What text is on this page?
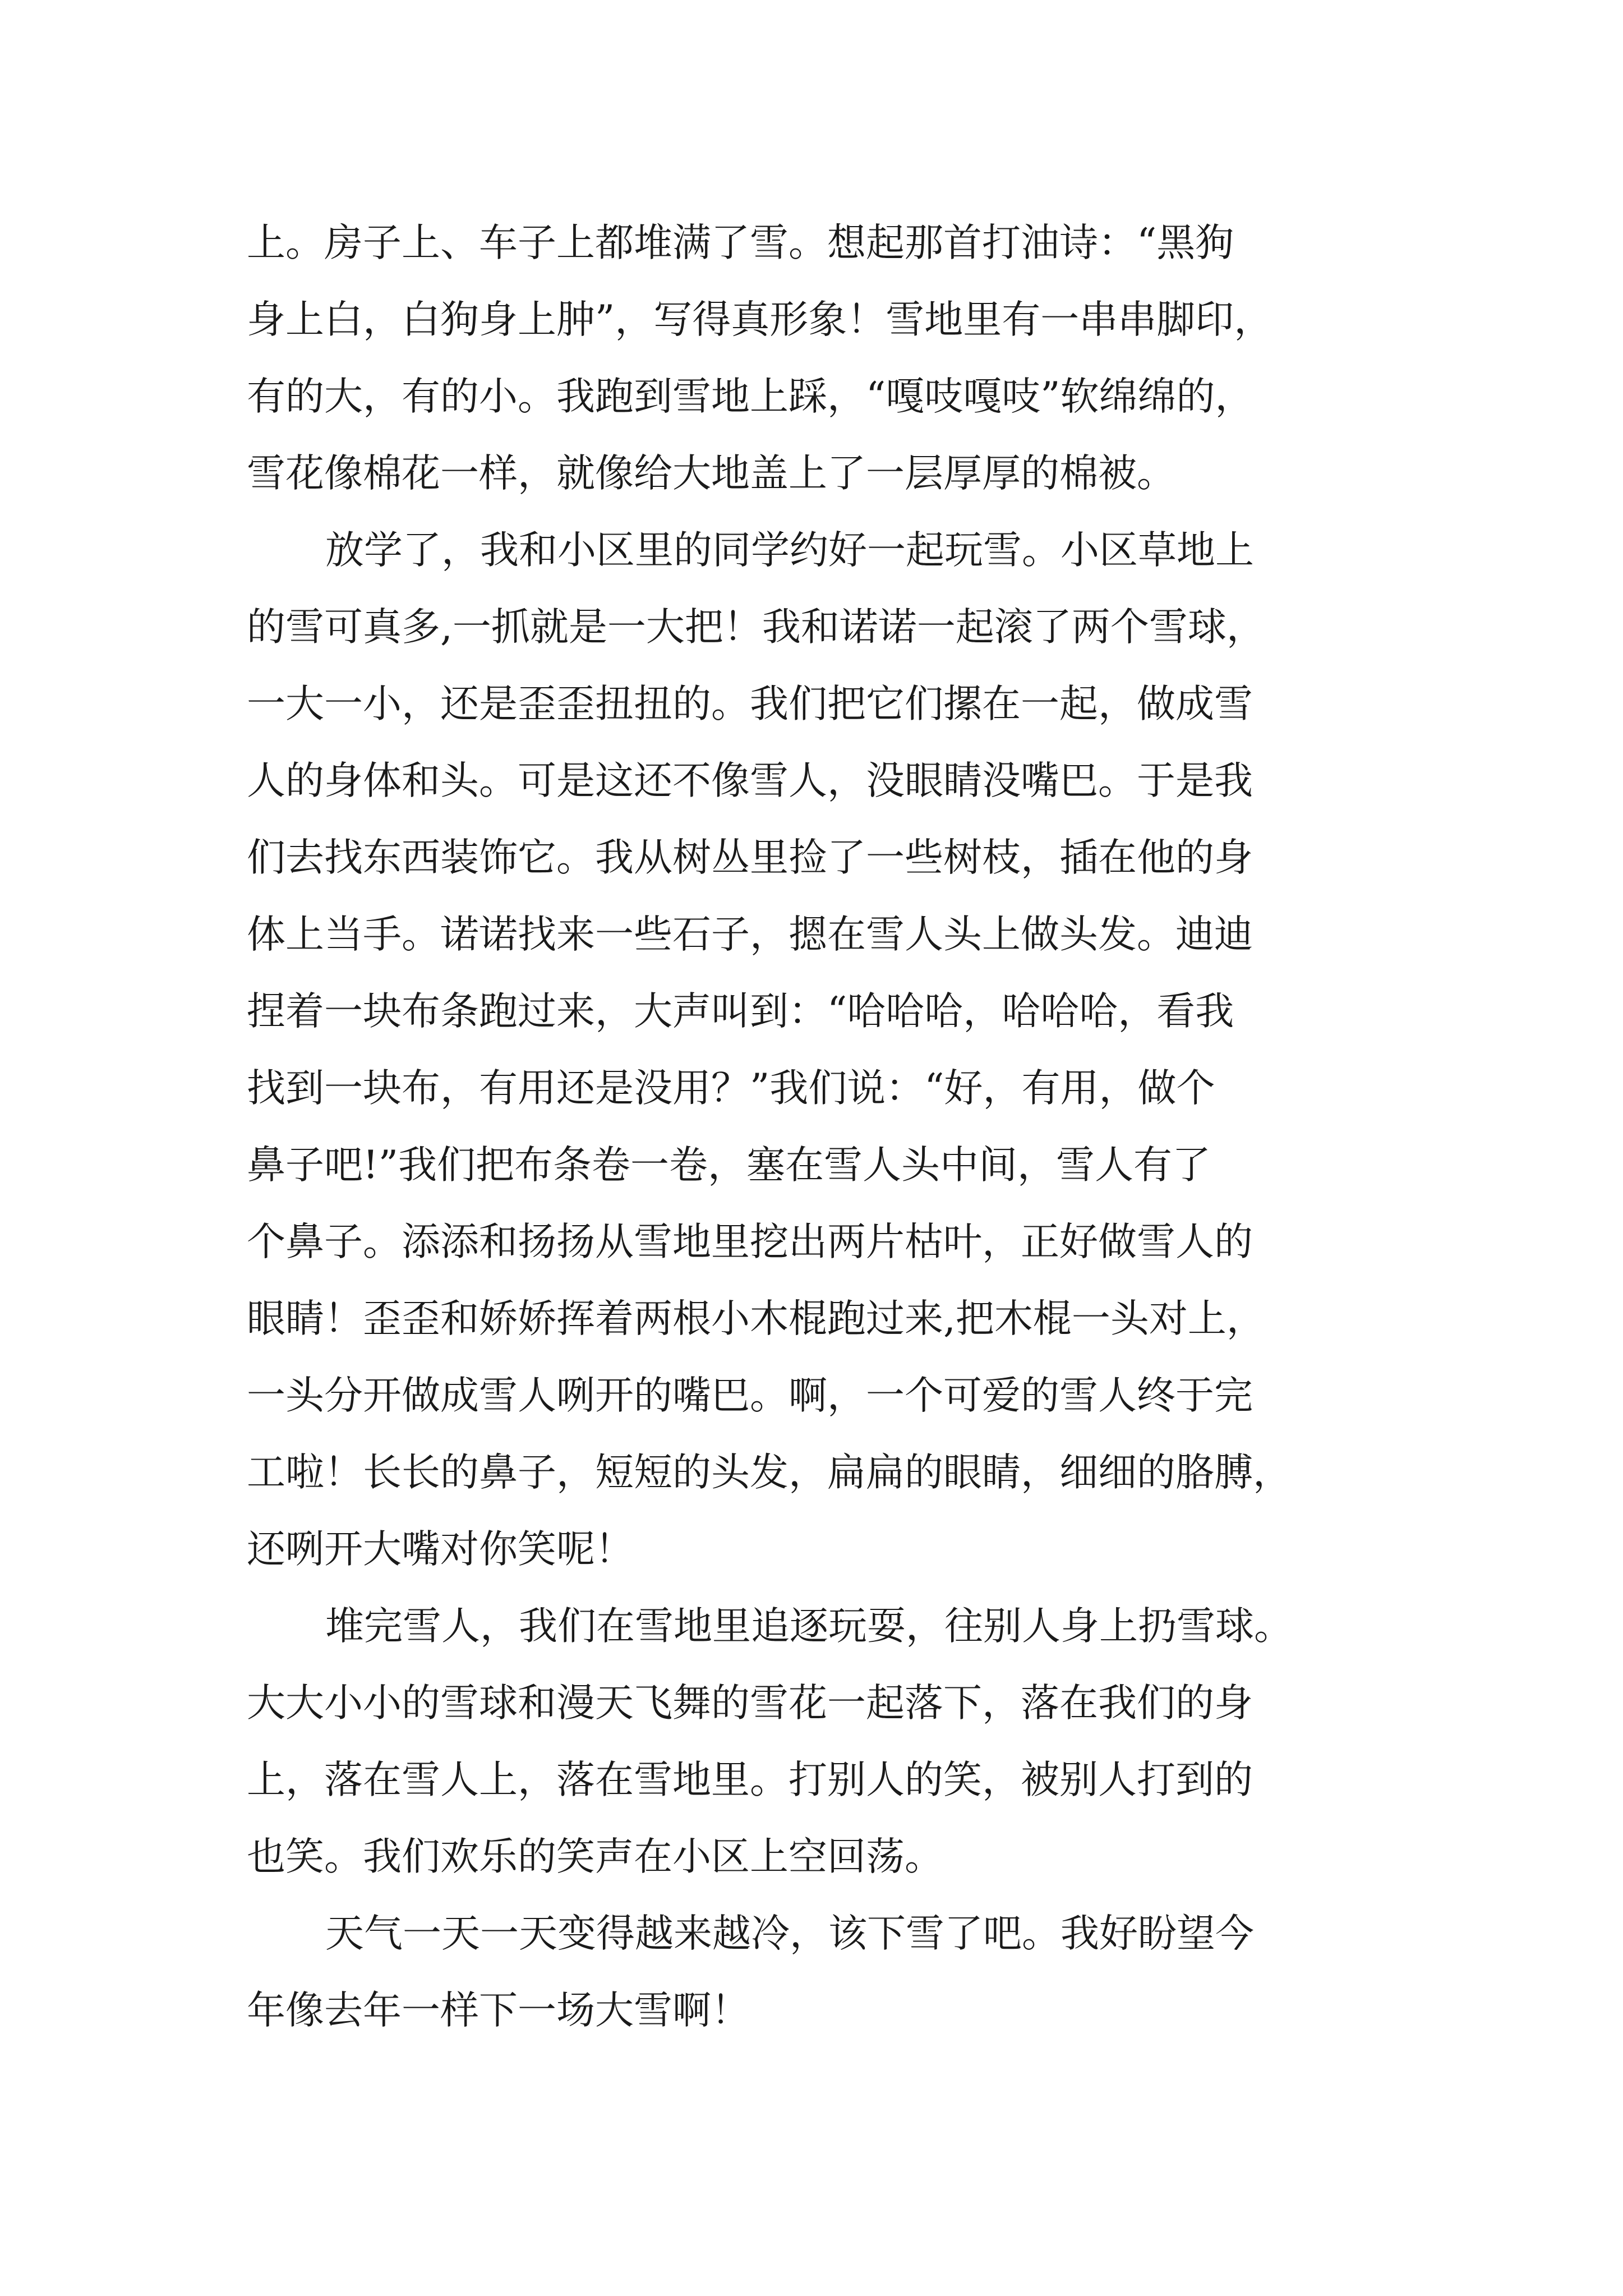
上。房子上、车子上都堆满了雪。想起那首打油诗：“黑狗
身上白，白狗身上肿”，写得真形象！雪地里有一串串脚印，
有的大，有的小。我跑到雪地上踩，“嘎吱嘎吱”软绵绵的，
雪花像棉花一样，就像给大地盖上了一层厚厚的棉被。
放学了，我和小区里的同学约好一起玩雪。小区草地上
的雪可真多,一抓就是一大把！我和诺诺一起滚了两个雪球，
一大一小，还是歪歪扭扭的。我们把它们摞在一起，做成雪
人的身体和头。可是这还不像雪人，没眼睛没嘴巴。于是我
们去找东西装饰它。我从树丛里捡了一些树枝，插在他的身
体上当手。诺诺找来一些石子，摁在雪人头上做头发。迪迪
捏着一块布条跑过来，大声叫到：“哈哈哈，哈哈哈，看我
找到一块布，有用还是没用？”我们说：“好，有用，做个
鼻子吧!”我们把布条卷一卷，塞在雪人头中间，雪人有了
个鼻子。添添和扬扬从雪地里挖出两片枯叶，正好做雪人的
眼睛！歪歪和娇娇挥着两根小木棍跑过来,把木棍一头对上，
一头分开做成雪人咧开的嘴巴。啊，一个可爱的雪人终于完
工啦！长长的鼻子，短短的头发，扁扁的眼睛，细细的胳膊，
还咧开大嘴对你笑呢！
堆完雪人，我们在雪地里追逐玩耍，往别人身上扔雪球。
大大小小的雪球和漫天飞舞的雪花一起落下，落在我们的身
上，落在雪人上，落在雪地里。打别人的笑，被别人打到的
也笑。我们欢乐的笑声在小区上空回荡。
天气一天一天变得越来越冷，该下雪了吧。我好盼望今
年像去年一样下一场大雪啊！
